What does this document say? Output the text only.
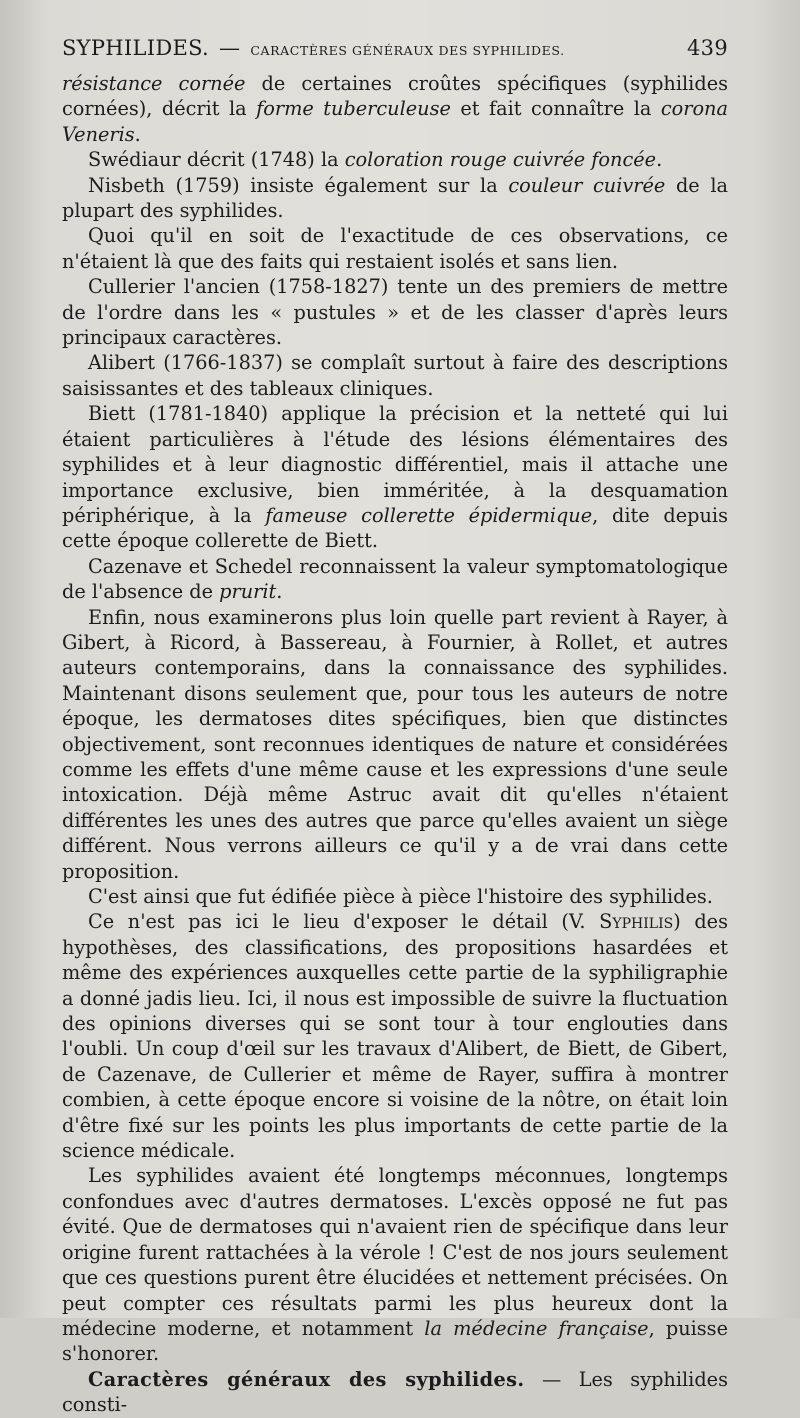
SYPHILIDES. — CARACTÈRES GÉNÉRAUX DES SYPHILIDES.	439

résistance cornée de certaines croûtes spécifiques (syphilides cornées), décrit la forme tuberculeuse et fait connaître la corona Veneris.

Swédiaur décrit (1748) la coloration rouge cuivrée foncée.

Nisbeth (1759) insiste également sur la couleur cuivrée de la plupart des syphilides.

Quoi qu'il en soit de l'exactitude de ces observations, ce n'étaient là que des faits qui restaient isolés et sans lien.

Cullerier l'ancien (1758-1827) tente un des premiers de mettre de l'ordre dans les « pustules » et de les classer d'après leurs principaux caractères.

Alibert (1766-1837) se complaît surtout à faire des descriptions saisissantes et des tableaux cliniques.

Biett (1781-1840) applique la précision et la netteté qui lui étaient particulières à l'étude des lésions élémentaires des syphilides et à leur diagnostic différentiel, mais il attache une importance exclusive, bien imméritée, à la desquamation périphérique, à la fameuse collerette épidermique, dite depuis cette époque collerette de Biett.

Cazenave et Schedel reconnaissent la valeur symptomatologique de l'absence de prurit.

Enfin, nous examinerons plus loin quelle part revient à Rayer, à Gibert, à Ricord, à Bassereau, à Fournier, à Rollet, et autres auteurs contemporains, dans la connaissance des syphilides. Maintenant disons seulement que, pour tous les auteurs de notre époque, les dermatoses dites spécifiques, bien que distinctes objectivement, sont reconnues identiques de nature et considérées comme les effets d'une même cause et les expressions d'une seule intoxication. Déjà même Astruc avait dit qu'elles n'étaient différentes les unes des autres que parce qu'elles avaient un siège différent. Nous verrons ailleurs ce qu'il y a de vrai dans cette proposition.

C'est ainsi que fut édifiée pièce à pièce l'histoire des syphilides.

Ce n'est pas ici le lieu d'exposer le détail (V. Syphilis) des hypothèses, des classifications, des propositions hasardées et même des expériences auxquelles cette partie de la syphiligraphie a donné jadis lieu. Ici, il nous est impossible de suivre la fluctuation des opinions diverses qui se sont tour à tour englouties dans l'oubli. Un coup d'œil sur les travaux d'Alibert, de Biett, de Gibert, de Cazenave, de Cullerier et même de Rayer, suffira à montrer combien, à cette époque encore si voisine de la nôtre, on était loin d'être fixé sur les points les plus importants de cette partie de la science médicale.

Les syphilides avaient été longtemps méconnues, longtemps confondues avec d'autres dermatoses. L'excès opposé ne fut pas évité. Que de dermatoses qui n'avaient rien de spécifique dans leur origine furent rattachées à la vérole ! C'est de nos jours seulement que ces questions purent être élucidées et nettement précisées. On peut compter ces résultats parmi les plus heureux dont la médecine moderne, et notamment la médecine française, puisse s'honorer.

Caractères généraux des syphilides. — Les syphilides consti-
